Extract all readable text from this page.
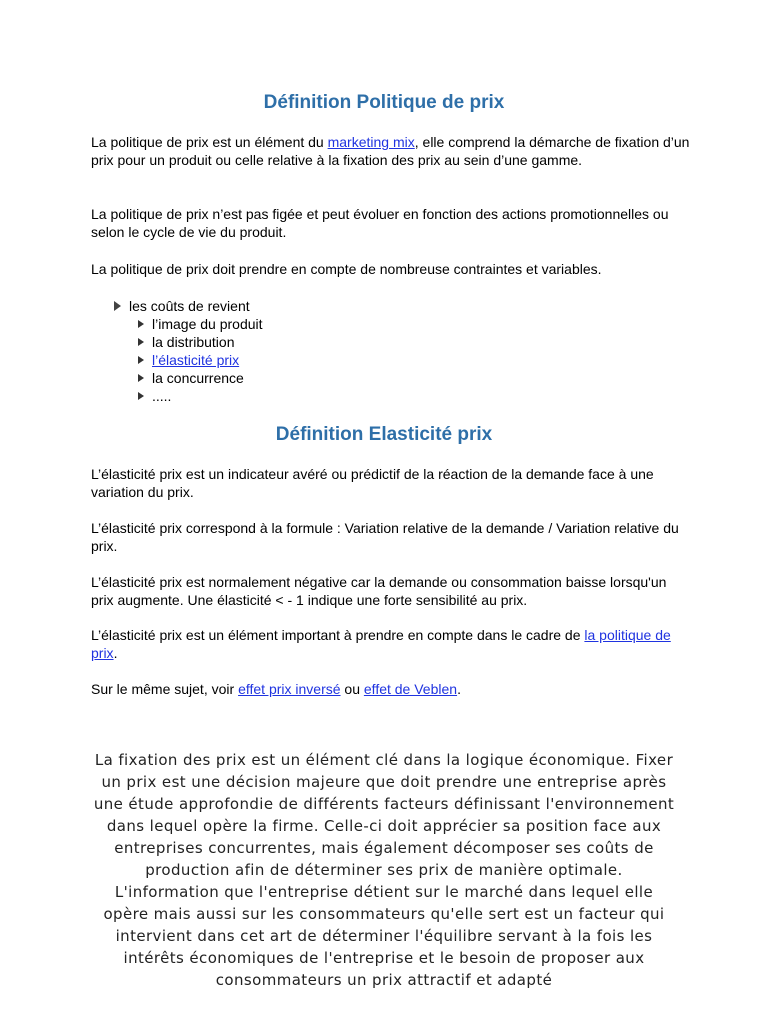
Définition Politique de prix

La politique de prix est un élément du marketing mix, elle comprend la démarche de fixation d’un prix pour un produit ou celle relative à la fixation des prix au sein d’une gamme.

La politique de prix n’est pas figée et peut évoluer en fonction des actions promotionnelles ou selon le cycle de vie du produit.

La politique de prix doit prendre en compte de nombreuse contraintes et variables.

les coûts de revient
l’image du produit
la distribution
l’élasticité prix
la concurrence
.....
Définition Elasticité prix

L’élasticité prix est un indicateur avéré ou prédictif de la réaction de la demande face à une variation du prix.

L’élasticité prix correspond à la formule : Variation relative de la demande / Variation relative du prix.

L’élasticité prix est normalement négative car la demande ou consommation baisse lorsqu'un prix augmente. Une élasticité < - 1 indique une forte sensibilité au prix.

L’élasticité prix est un élément important à prendre en compte dans le cadre de la politique de prix.

Sur le même sujet, voir effet prix inversé ou effet de Veblen.

La fixation des prix est un élément clé dans la logique économique. Fixer un prix est une décision majeure que doit prendre une entreprise après une étude approfondie de différents facteurs définissant l'environnement dans lequel opère la firme. Celle-ci doit apprécier sa position face aux entreprises concurrentes, mais également décomposer ses coûts de production afin de déterminer ses prix de manière optimale. L'information que l'entreprise détient sur le marché dans lequel elle opère mais aussi sur les consommateurs qu'elle sert est un facteur qui intervient dans cet art de déterminer l'équilibre servant à la fois les intérêts économiques de l'entreprise et le besoin de proposer aux consommateurs un prix attractif et adapté
